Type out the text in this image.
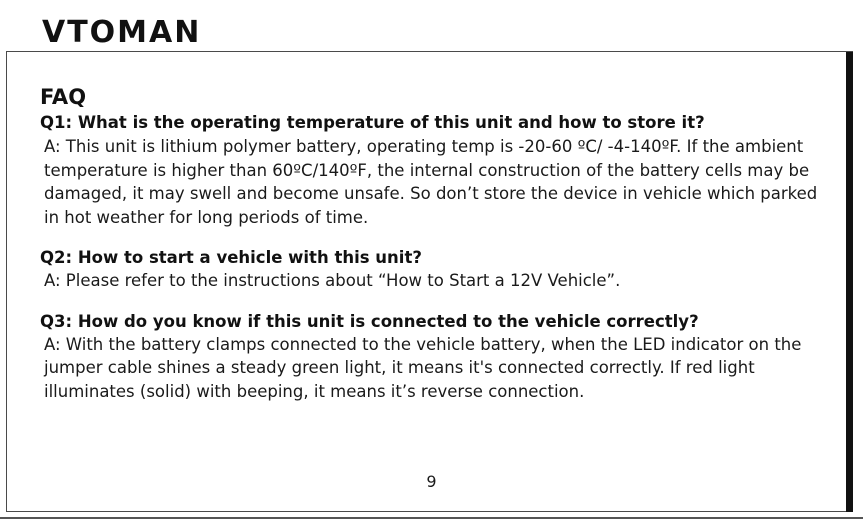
VTOMAN
FAQ

Q1: What is the operating temperature of this unit and how to store it?

A: This unit is lithium polymer battery, operating temp is -20-60 ºC/ -4-140ºF. If the ambient temperature is higher than 60ºC/140ºF, the internal construction of the battery cells may be damaged, it may swell and become unsafe. So don’t store the device in vehicle which parked in hot weather for long periods of time.

Q2: How to start a vehicle with this unit?

A: Please refer to the instructions about “How to Start a 12V Vehicle”.

Q3: How do you know if this unit is connected to the vehicle correctly?

A: With the battery clamps connected to the vehicle battery, when the LED indicator on the jumper cable shines a steady green light, it means it's connected correctly. If red light illuminates (solid) with beeping, it means it’s reverse connection.

9
